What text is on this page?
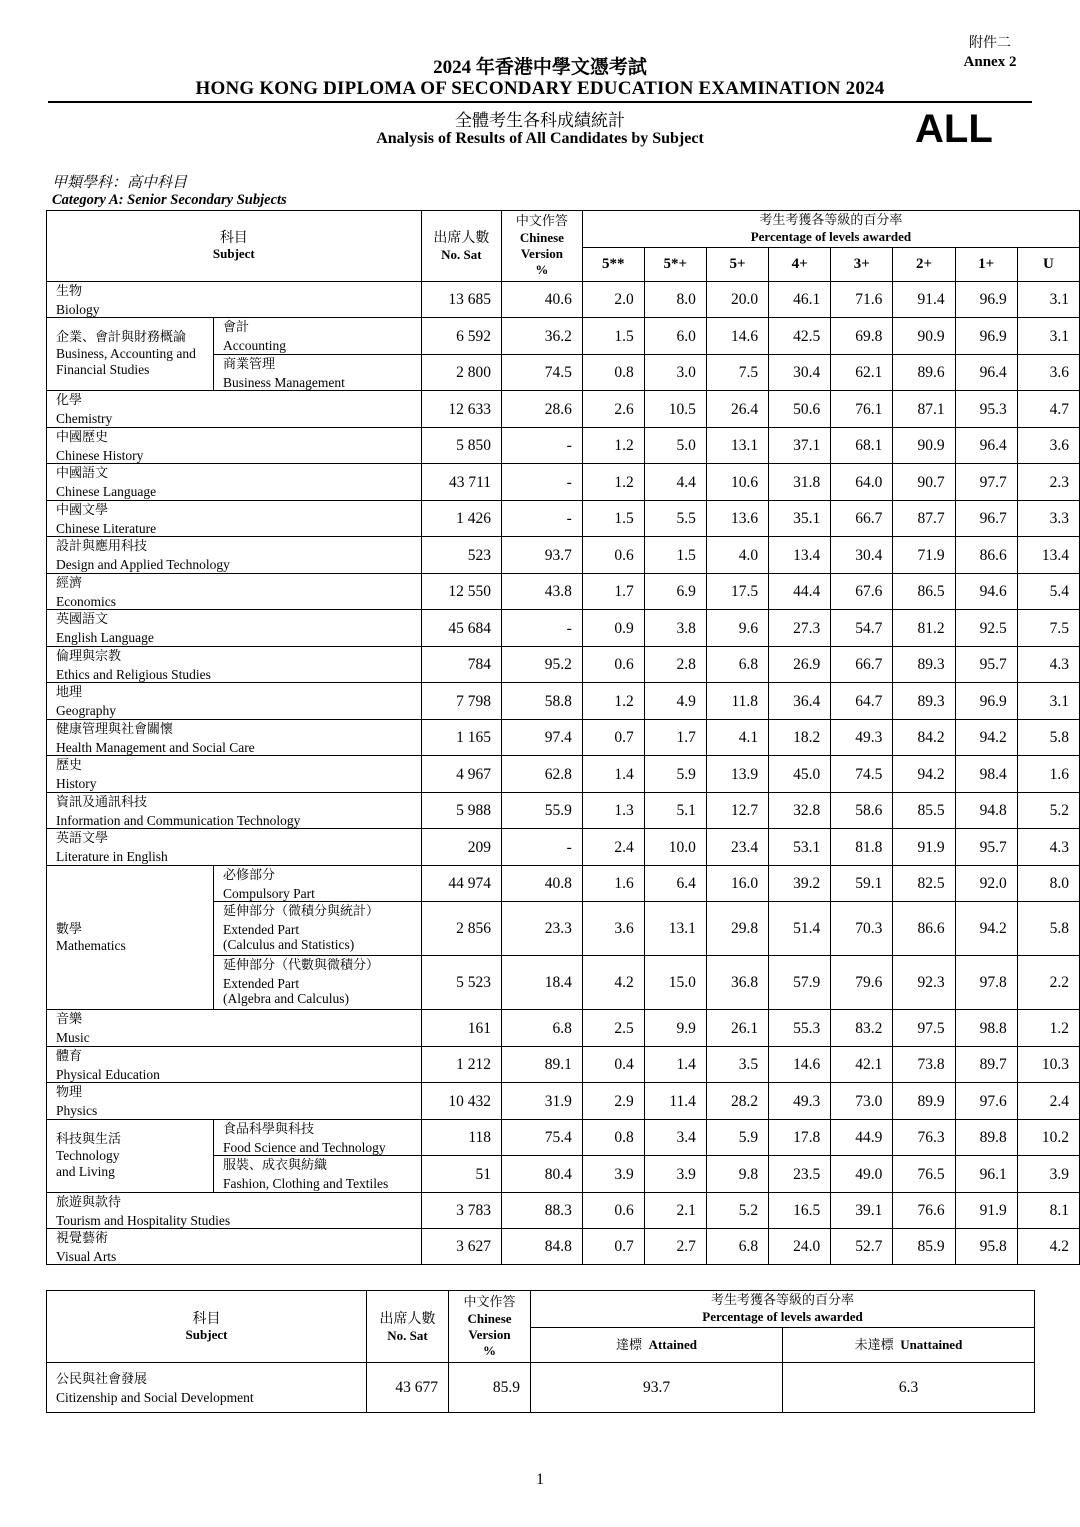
附件二
Annex 2
2024 年香港中學文憑考試
HONG KONG DIPLOMA OF SECONDARY EDUCATION EXAMINATION 2024
全體考生各科成績統計
Analysis of Results of All Candidates by Subject	ALL
甲類學科：高中科目
Category A: Senior Secondary Subjects
科目
Subject		出席人數
No. Sat	中文作答
Chinese
Version
%	考生考獲各等級的百分率
Percentage of levels awarded							
				5**	5*+	5+	4+	3+	2+	1+	U

生物
Biology		13 685	40.6	2.0	8.0	20.0	46.1	71.6	91.4	96.9	3.1

企業、會計與財務概論
Business, Accounting and Financial Studies	會計
Accounting	6 592	36.2	1.5	6.0	14.6	42.5	69.8	90.9	96.9	3.1

	商業管理
Business Management	2 800	74.5	0.8	3.0	7.5	30.4	62.1	89.6	96.4	3.6

化學
Chemistry		12 633	28.6	2.6	10.5	26.4	50.6	76.1	87.1	95.3	4.7

中國歷史
Chinese History		5 850	-	1.2	5.0	13.1	37.1	68.1	90.9	96.4	3.6

中國語文
Chinese Language		43 711	-	1.2	4.4	10.6	31.8	64.0	90.7	97.7	2.3

中國文學
Chinese Literature		1 426	-	1.5	5.5	13.6	35.1	66.7	87.7	96.7	3.3

設計與應用科技
Design and Applied Technology		523	93.7	0.6	1.5	4.0	13.4	30.4	71.9	86.6	13.4

經濟
Economics		12 550	43.8	1.7	6.9	17.5	44.4	67.6	86.5	94.6	5.4

英國語文
English Language		45 684	-	0.9	3.8	9.6	27.3	54.7	81.2	92.5	7.5

倫理與宗教
Ethics and Religious Studies		784	95.2	0.6	2.8	6.8	26.9	66.7	89.3	95.7	4.3

地理
Geography		7 798	58.8	1.2	4.9	11.8	36.4	64.7	89.3	96.9	3.1

健康管理與社會關懷
Health Management and Social Care		1 165	97.4	0.7	1.7	4.1	18.2	49.3	84.2	94.2	5.8

歷史
History		4 967	62.8	1.4	5.9	13.9	45.0	74.5	94.2	98.4	1.6

資訊及通訊科技
Information and Communication Technology		5 988	55.9	1.3	5.1	12.7	32.8	58.6	85.5	94.8	5.2

英語文學
Literature in English		209	-	2.4	10.0	23.4	53.1	81.8	91.9	95.7	4.3

數學
Mathematics	必修部分
Compulsory Part	44 974	40.8	1.6	6.4	16.0	39.2	59.1	82.5	92.0	8.0

	延伸部分（微積分與統計）
Extended Part
(Calculus and Statistics)	2 856	23.3	3.6	13.1	29.8	51.4	70.3	86.6	94.2	5.8

	延伸部分（代數與微積分）
Extended Part
(Algebra and Calculus)	5 523	18.4	4.2	15.0	36.8	57.9	79.6	92.3	97.8	2.2

音樂
Music		161	6.8	2.5	9.9	26.1	55.3	83.2	97.5	98.8	1.2

體育
Physical Education		1 212	89.1	0.4	1.4	3.5	14.6	42.1	73.8	89.7	10.3

物理
Physics		10 432	31.9	2.9	11.4	28.2	49.3	73.0	89.9	97.6	2.4

科技與生活
Technology
and Living	食品科學與科技
Food Science and Technology	118	75.4	0.8	3.4	5.9	17.8	44.9	76.3	89.8	10.2

	服裝、成衣與紡織
Fashion, Clothing and Textiles	51	80.4	3.9	3.9	9.8	23.5	49.0	76.5	96.1	3.9

旅遊與款待
Tourism and Hospitality Studies		3 783	88.3	0.6	2.1	5.2	16.5	39.1	76.6	91.9	8.1

視覺藝術
Visual Arts		3 627	84.8	0.7	2.7	6.8	24.0	52.7	85.9	95.8	4.2
科目
Subject	出席人數
No. Sat	中文作答
Chinese
Version
%	考生考獲各等級的百分率
Percentage of levels awarded	
			達標 Attained	未達標 Unattained

公民與社會發展
Citizenship and Social Development	43 677	85.9	93.7	6.3
1
